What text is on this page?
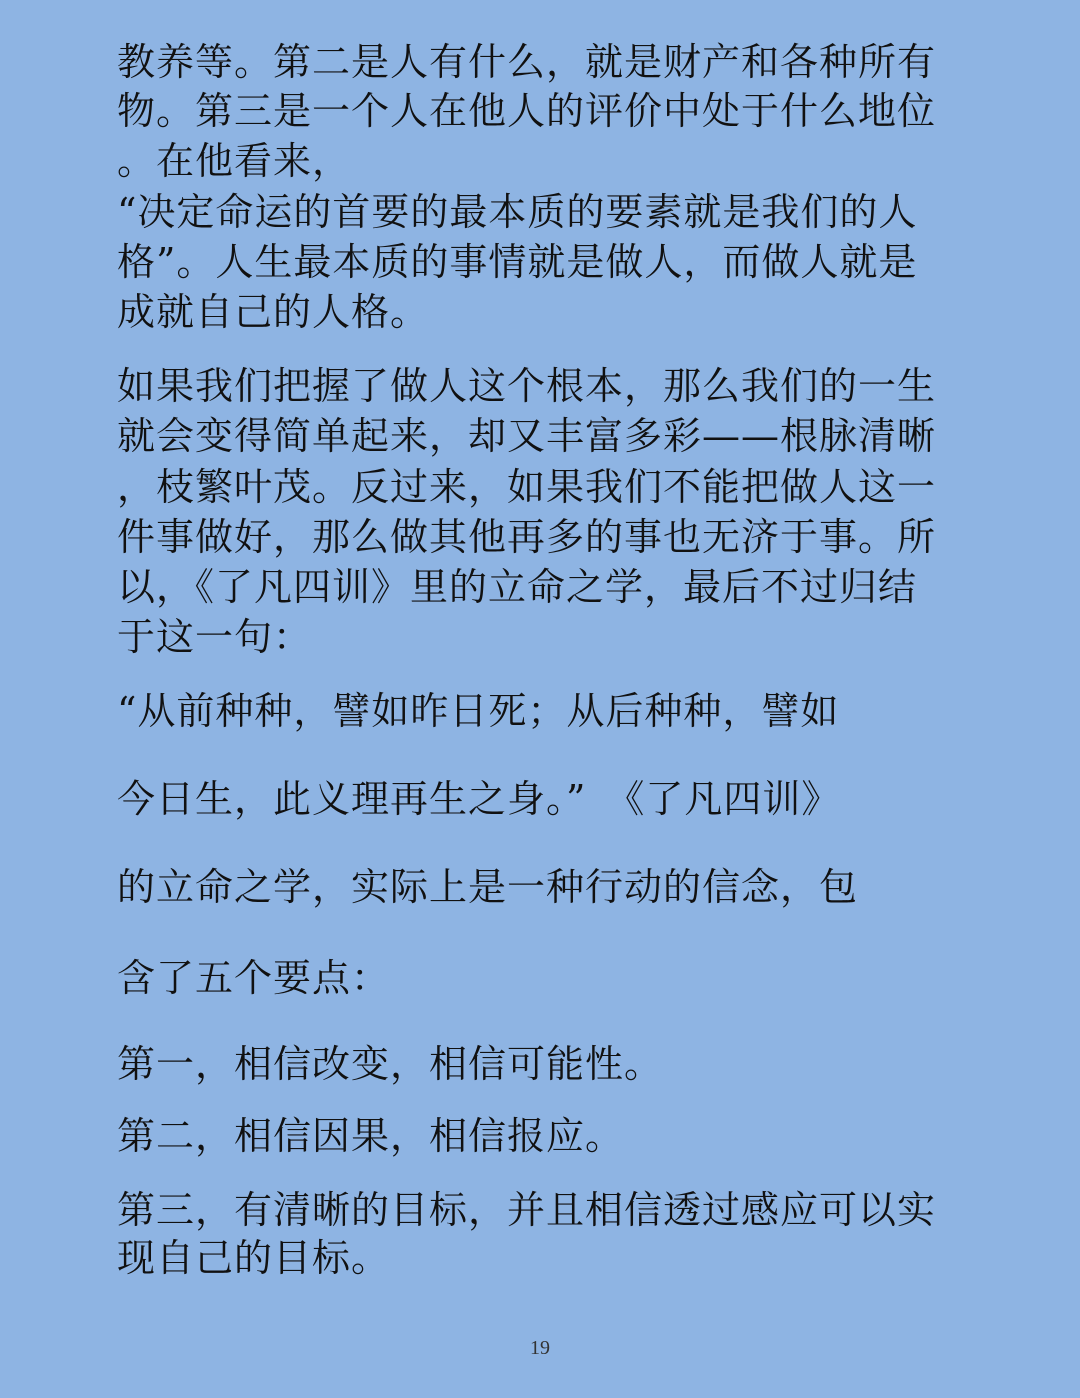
教养等。第二是人有什么，就是财产和各种所有

物。第三是一个人在他人的评价中处于什么地位

。在他看来，

“决定命运的首要的最本质的要素就是我们的人

格”。人生最本质的事情就是做人，而做人就是

成就自己的人格。

如果我们把握了做人这个根本，那么我们的一生

就会变得简单起来，却又丰富多彩——根脉清晰

，枝繁叶茂。反过来，如果我们不能把做人这一

件事做好，那么做其他再多的事也无济于事。所

以，《了凡四训》里的立命之学，最后不过归结

于这一句：

“从前种种，譬如昨日死；从后种种，譬如

今日生，此义理再生之身。”　《了凡四训》

的立命之学，实际上是一种行动的信念，包

含了五个要点：

第一，相信改变，相信可能性。

第二，相信因果，相信报应。

第三，有清晰的目标，并且相信透过感应可以实

现自己的目标。

19
